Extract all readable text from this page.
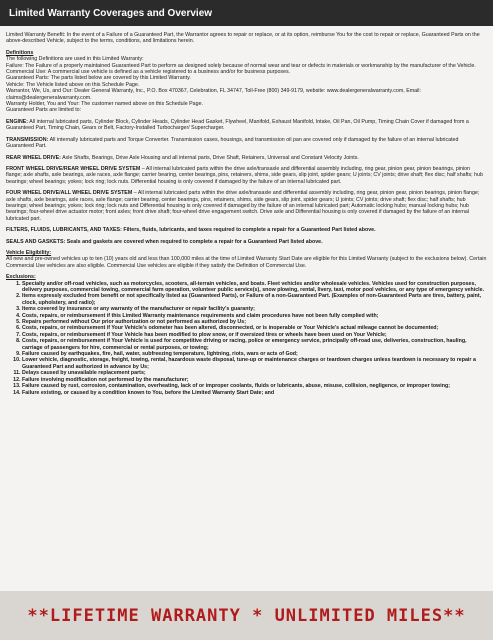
Limited Warranty Coverages and Overview

Limited Warranty Benefit: In the event of a Failure of a Guaranteed Part, the Warrantor agrees to repair or replace, or at its option, reimburse You for the cost to repair or replace, Guaranteed Parts on the above-described Vehicle, subject to the terms, conditions, and limitations herein.

Definitions

The following Definitions are used in this Limited Warranty:

Failure: The Failure of a properly maintained Guaranteed Part to perform as designed solely because of normal wear and tear or defects in materials or workmanship by the manufacturer of the Vehicle.

Commercial Use: A commercial use vehicle is defined as a vehicle registered to a business and/or for business purposes.

Guaranteed Parts: The parts listed below are covered by this Limited Warranty.

Vehicle: The Vehicle listed above on this Schedule Page.

Warrantor, We, Us, and Our: Dealer General Warranty, Inc., P.O. Box 470367, Celebration, FL 34747, Toll-Free (800) 349-9179, website: www.dealergeneralwarranty.com, Email: claims@dealergeneralwarranty.com.

Warranty Holder, You and Your: The customer named above on this Schedule Page.

Guaranteed Parts are limited to:

ENGINE: All internal lubricated parts, Cylinder Block, Cylinder Heads, Cylinder Head Gasket, Flywheel, Manifold, Exhaust Manifold, Intake, Oil Pan, Oil Pump, Timing Chain Cover if damaged from a Guaranteed Part, Timing Chain, Gears or Belt, Factory-Installed Turbocharger/ Supercharger.

TRANSMISSION: All internally lubricated parts and Torque Converter. Transmission cases, housings, and transmission oil pan are covered only if damaged by the failure of an internal lubricated Guaranteed Part.

REAR WHEEL DRIVE: Axle Shafts, Bearings, Drive Axle Housing and all internal parts, Drive Shaft, Retainers, Universal and Constant Velocity Joints.

FRONT WHEEL DRIVE/REAR WHEEL DRIVE SYSTEM – All internal lubricated parts within the drive axle/transaxle and differential assembly including, ring gear, pinion gear, pinion bearings, pinion flange; axle shafts, axle bearings, axle races, axle flange; carrier bearing, center bearings, pins, retainers, shims, side gears, slip joint, spider gears; U joints; CV joints; drive shaft; flex disc; half shafts; hub bearings; wheel bearings; yokes; lock ring; lock nuts. Differential housing is only covered if damaged by the failure of an internal lubricated part.

FOUR WHEEL DRIVE/ALL WHEEL DRIVE SYSTEM – All internal lubricated parts within the drive axle/transaxle and differential assembly including, ring gear, pinion gear, pinion bearings, pinion flange; axle shafts, axle bearings, axle races, axle flange; carrier bearing, center bearings, pins, retainers, shims, side gears, slip joint, spider gears; U joints; CV joints; drive shaft; flex disc; half shafts; hub bearings; wheel bearings; yokes; lock ring; lock nuts and Differential housing is only covered if damaged by the failure of an internal lubricated part; Automatic locking hubs; manual locking hubs; hub bearings; four-wheel drive actuator motor; front axles; front drive shaft; four-wheel drive engagement switch. Drive axle and Differential housing is only covered if damaged by the failure of an internal lubricated part.

FILTERS, FLUIDS, LUBRICANTS, AND TAXES: Filters, fluids, lubricants, and taxes required to complete a repair for a Guaranteed Part listed above.

SEALS AND GASKETS: Seals and gaskets are covered when required to complete a repair for a Guaranteed Part listed above.

Vehicle Eligibility:

All new and pre-owned vehicles up to ten (10) years old and less than 100,000 miles at the time of Limited Warranty Start Date are eligible for this Limited Warranty (subject to the exclusions below). Certain Commercial Use vehicles are also eligible. Commercial Use vehicles are eligible if they satisfy the Definition of Commercial Use.

Exclusions:

1. Specialty and/or off-road vehicles, such as motorcycles, scooters, all-terrain vehicles, and boats. Fleet vehicles and/or wholesale vehicles. Vehicles used for construction purposes, delivery purposes, commercial towing, commercial farm operation, volunteer public service(s), snow plowing, rental, livery, taxi, motor pool vehicles, or any type of emergency vehicle.
2. Items expressly excluded from benefit or not specifically listed as (Guaranteed Parts), or Failure of a non-Guaranteed Part. (Examples of non-Guaranteed Parts are tires, battery, paint, clock, upholstery, and radio);
3. Items covered by insurance or any warranty of the manufacturer or repair facility's guaranty;
4. Costs, repairs, or reimbursement if this Limited Warranty maintenance requirements and claim procedures have not been fully complied with;
5. Repairs performed without Our prior authorization or not performed as authorized by Us;
6. Costs, repairs, or reimbursement if Your Vehicle's odometer has been altered, disconnected, or is inoperable or Your Vehicle's actual mileage cannot be documented;
7. Costs, repairs, or reimbursement if Your Vehicle has been modified to plow snow, or if oversized tires or wheels have been used on Your Vehicle;
8. Costs, repairs, or reimbursement if Your Vehicle is used for competitive driving or racing, police or emergency service, principally off-road use, deliveries, construction, hauling, carriage of passengers for hire, commercial or rental purposes, or towing;
9. Failure caused by earthquakes, fire, hail, water, subfreezing temperature, lightning, riots, wars or acts of God;
10. Lower vehicle, diagnostic, storage, freight, towing, rental, hazardous waste disposal, tune-up or maintenance charges or teardown charges unless teardown is necessary to repair a Guaranteed Part and authorized in advance by Us;
11. Delays caused by unavailable replacement parts;
12. Failure involving modification not performed by the manufacturer;
13. Failure caused by rust, corrosion, contamination, overheating, lack of or improper coolants, fluids or lubricants, abuse, misuse, collision, negligence, or improper towing;
14. Failure existing, or caused by a condition known to You, before the Limited Warranty Start Date; and
**LIFETIME WARRANTY * UNLIMITED MILES**
